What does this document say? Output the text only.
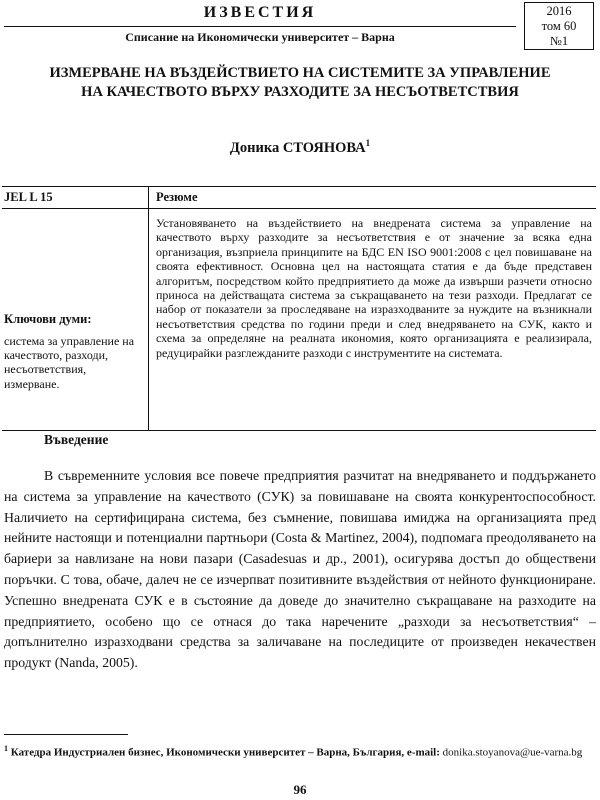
ИЗВЕСТИЯ
Списание на Икономически университет – Варна
2016
том 60
№1
ИЗМЕРВАНЕ НА ВЪЗДЕЙСТВИЕТО НА СИСТЕМИТЕ ЗА УПРАВЛЕНИЕ НА КАЧЕСТВОТО ВЪРХУ РАЗХОДИТЕ ЗА НЕСЪОТВЕТСТВИЯ
Доника СТОЯНОВА$^1$
JEL L 15	Резюме
Ключови думи:
система за управление на качеството, разходи, несъответствия, измерване.
Установяването на въздействието на внедрената система за управление на качеството върху разходите за несъответствия е от значение за всяка една организация, възприела принципите на БДС EN ISO 9001:2008 с цел повишаване на своята ефективност. Основна цел на настоящата статия е да бъде представен алгоритъм, посредством който предприятието да може да извърши разчети относно приноса на действащата система за съкращаването на тези разходи. Предлагат се набор от показатели за проследяване на изразходваните за нуждите на възникнали несъответствия средства по години преди и след внедряването на СУК, както и схема за определяне на реалната икономия, която организацията е реализирала, редуцирайки разглежданите разходи с инструментите на системата.
Въведение
В съвременните условия все повече предприятия разчитат на внедряването и поддържането на система за управление на качеството (СУК) за повишаване на своята конкурентоспособност. Наличието на сертифицирана система, без съмнение, повишава имиджа на организацията пред нейните настоящи и потенциални партньори (Costa & Martinez, 2004), подпомага преодоляването на бариери за навлизане на нови пазари (Casadesuas и др., 2001), осигурява достъп до обществени поръчки. С това, обаче, далеч не се изчерпват позитивните въздействия от нейното функциониране. Успешно внедрената СУК е в състояние да доведе до значително съкращаване на разходите на предприятието, особено що се отнася до така наречените „разходи за несъответствия“ – допълнително изразходвани средства за заличаване на последиците от произведен некачествен продукт (Nanda, 2005).
$^1$ Катедра Индустриален бизнес, Икономически университет – Варна, България, e-mail: donika.stoyanova@ue-varna.bg
96
